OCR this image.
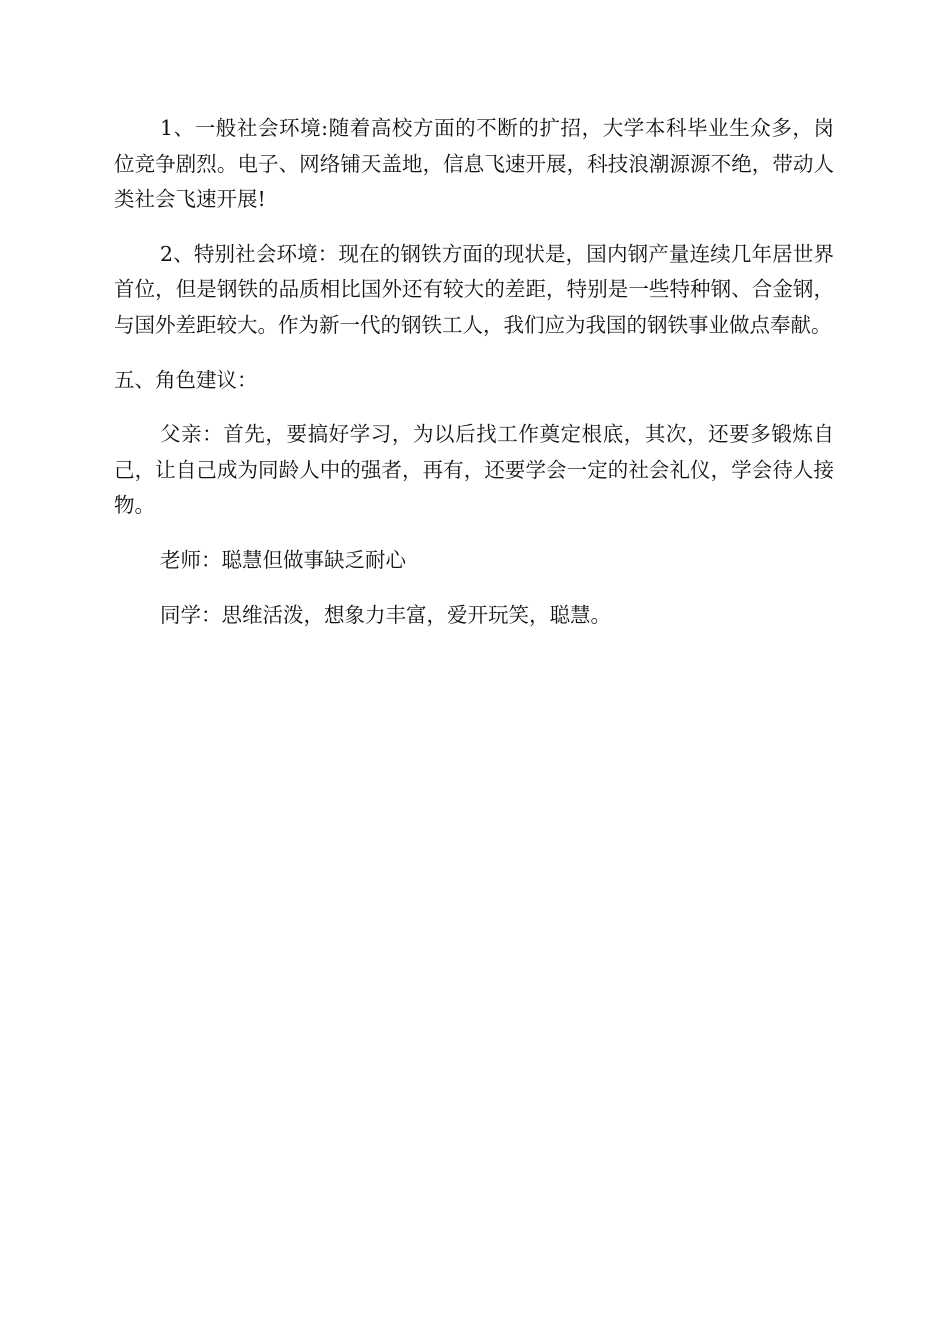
1、一般社会环境:随着高校方面的不断的扩招，大学本科毕业生众多，岗位竞争剧烈。电子、网络铺天盖地，信息飞速开展，科技浪潮源源不绝，带动人类社会飞速开展!

2、特别社会环境：现在的钢铁方面的现状是，国内钢产量连续几年居世界首位，但是钢铁的品质相比国外还有较大的差距，特别是一些特种钢、合金钢，与国外差距较大。作为新一代的钢铁工人，我们应为我国的钢铁事业做点奉献。

五、角色建议：

父亲：首先，要搞好学习，为以后找工作奠定根底，其次，还要多锻炼自己，让自己成为同龄人中的强者，再有，还要学会一定的社会礼仪，学会待人接物。

老师：聪慧但做事缺乏耐心

同学：思维活泼，想象力丰富，爱开玩笑，聪慧。
